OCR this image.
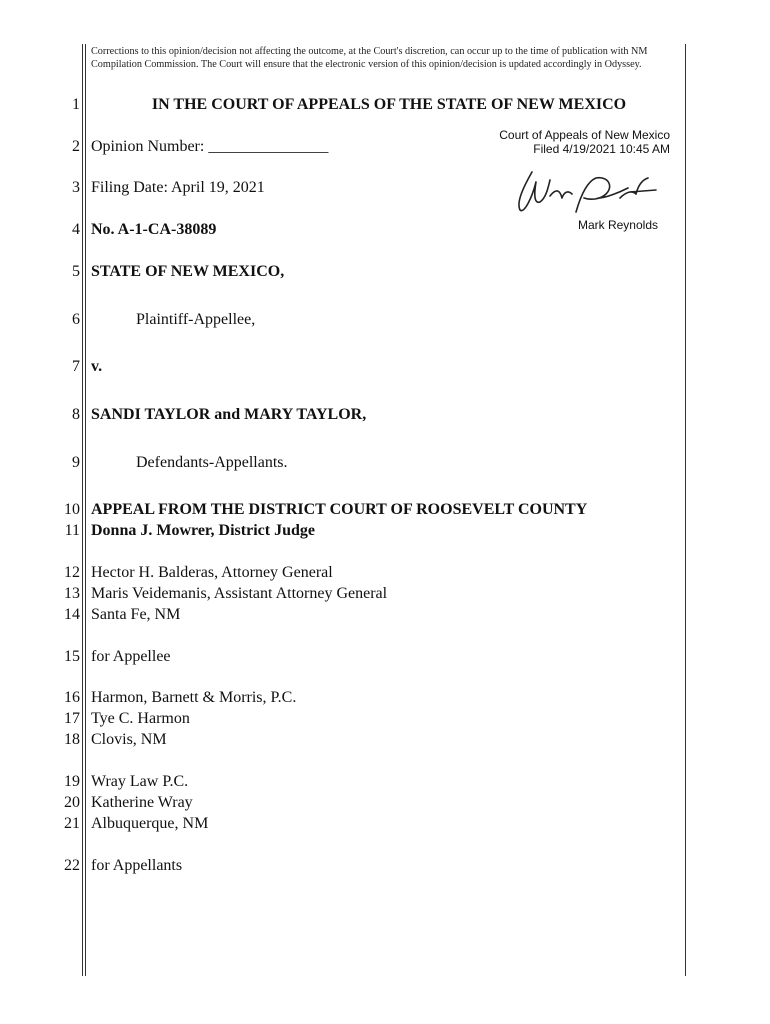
Corrections to this opinion/decision not affecting the outcome, at the Court's discretion, can occur up to the time of publication with NM Compilation Commission. The Court will ensure that the electronic version of this opinion/decision is updated accordingly in Odyssey.
1
2
3
4
5
6
7
8
9
10
11
12
13
14
15
16
17
18
19
20
21
22
IN THE COURT OF APPEALS OF THE STATE OF NEW MEXICO
Court of Appeals of New Mexico
Filed 4/19/2021 10:45 AM
Mark Reynolds
Opinion Number: _______________
Filing Date: April 19, 2021
No. A-1-CA-38089
STATE OF NEW MEXICO,
Plaintiff-Appellee,
v.
SANDI TAYLOR and MARY TAYLOR,
Defendants-Appellants.
APPEAL FROM THE DISTRICT COURT OF ROOSEVELT COUNTY
Donna J. Mowrer, District Judge
Hector H. Balderas, Attorney General
Maris Veidemanis, Assistant Attorney General
Santa Fe, NM
for Appellee
Harmon, Barnett & Morris, P.C.
Tye C. Harmon
Clovis, NM
Wray Law P.C.
Katherine Wray
Albuquerque, NM
for Appellants
